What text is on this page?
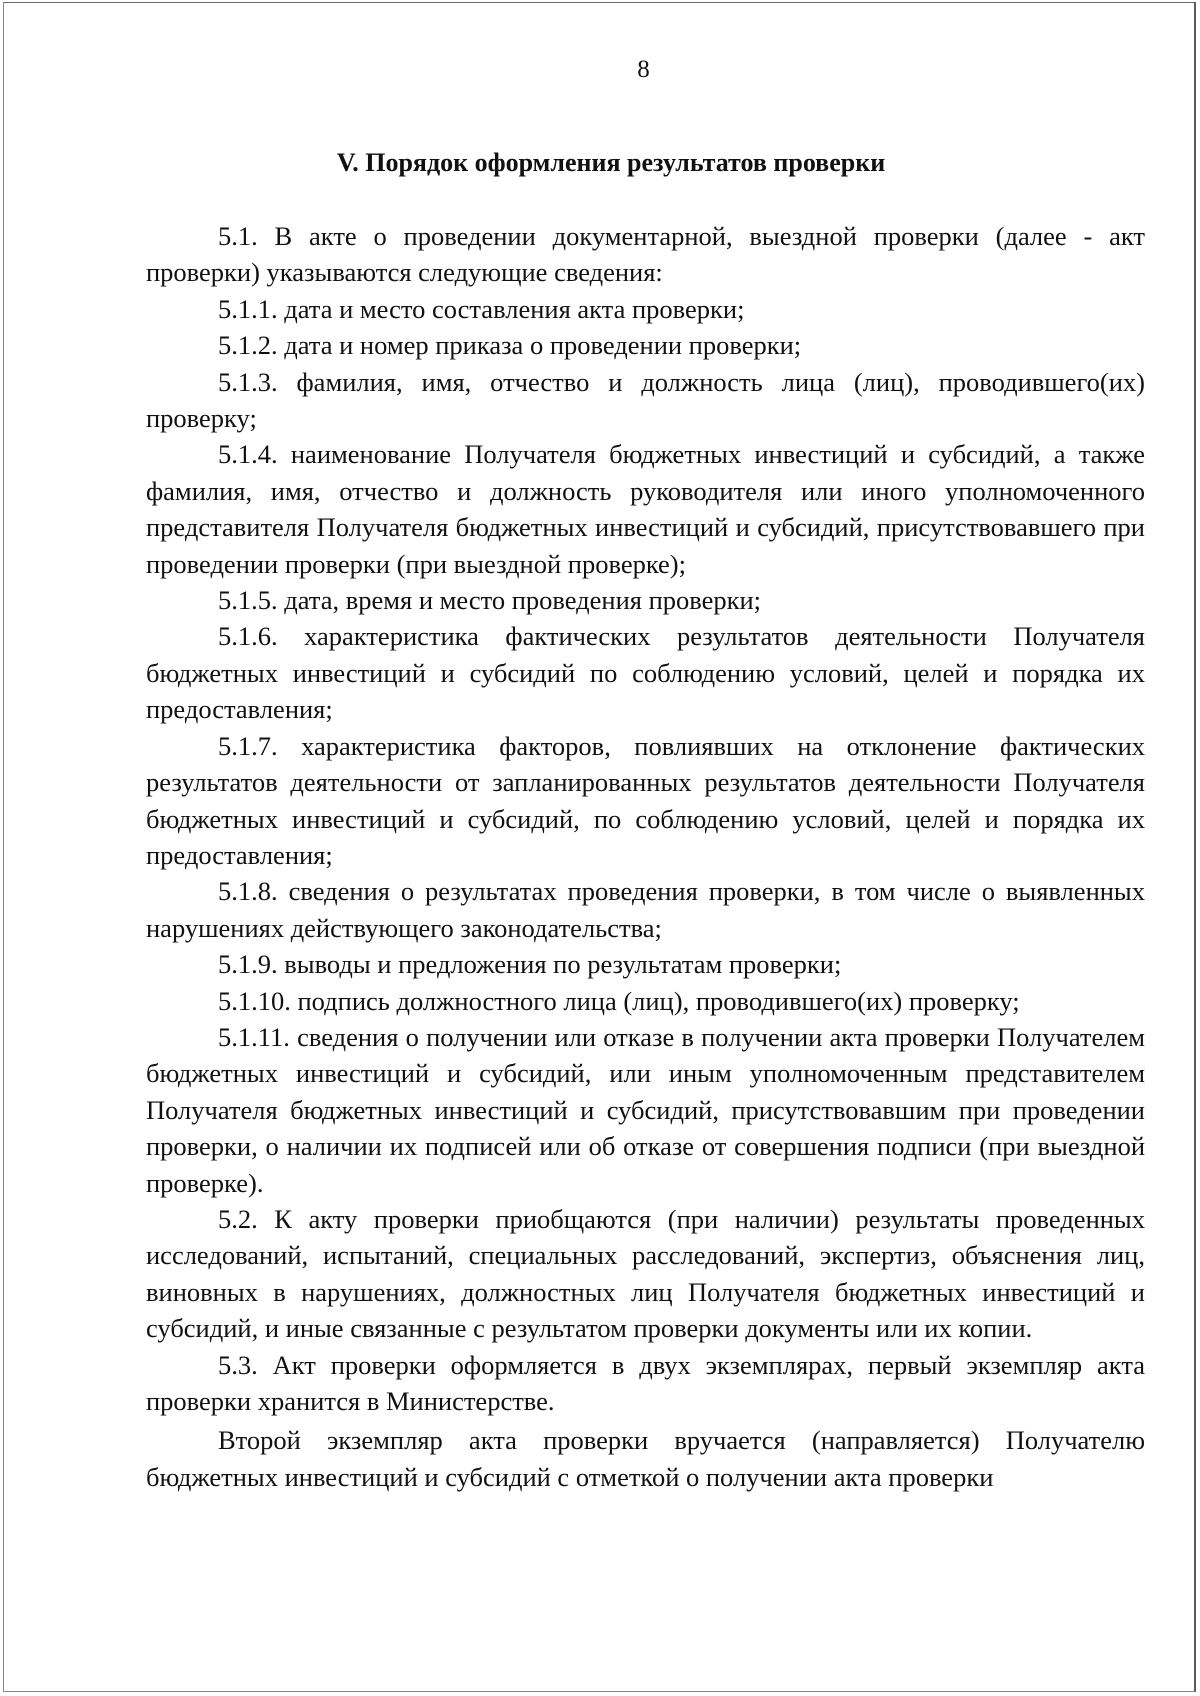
8
V. Порядок оформления результатов проверки

5.1. В акте о проведении документарной, выездной проверки (далее - акт проверки) указываются следующие сведения:

5.1.1. дата и место составления акта проверки;

5.1.2. дата и номер приказа о проведении проверки;

5.1.3. фамилия, имя, отчество и должность лица (лиц), проводившего(их) проверку;

5.1.4. наименование Получателя бюджетных инвестиций и субсидий, а также фамилия, имя, отчество и должность руководителя или иного уполномоченного представителя Получателя бюджетных инвестиций и субсидий, присутствовавшего при проведении проверки (при выездной проверке);

5.1.5. дата, время и место проведения проверки;

5.1.6. характеристика фактических результатов деятельности Получателя бюджетных инвестиций и субсидий по соблюдению условий, целей и порядка их предоставления;

5.1.7. характеристика факторов, повлиявших на отклонение фактических результатов деятельности от запланированных результатов деятельности Получателя бюджетных инвестиций и субсидий, по соблюдению условий, целей и порядка их предоставления;

5.1.8. сведения о результатах проведения проверки, в том числе о выявленных нарушениях действующего законодательства;

5.1.9. выводы и предложения по результатам проверки;

5.1.10. подпись должностного лица (лиц), проводившего(их) проверку;

5.1.11. сведения о получении или отказе в получении акта проверки Получателем бюджетных инвестиций и субсидий, или иным уполномоченным представителем Получателя бюджетных инвестиций и субсидий, присутствовавшим при проведении проверки, о наличии их подписей или об отказе от совершения подписи (при выездной проверке).

5.2. К акту проверки приобщаются (при наличии) результаты проведенных исследований, испытаний, специальных расследований, экспертиз, объяснения лиц, виновных в нарушениях, должностных лиц Получателя бюджетных инвестиций и субсидий, и иные связанные с результатом проверки документы или их копии.

5.3. Акт проверки оформляется в двух экземплярах, первый экземпляр акта проверки хранится в Министерстве.

Второй экземпляр акта проверки вручается (направляется) Получателю бюджетных инвестиций и субсидий с отметкой о получении акта проверки
